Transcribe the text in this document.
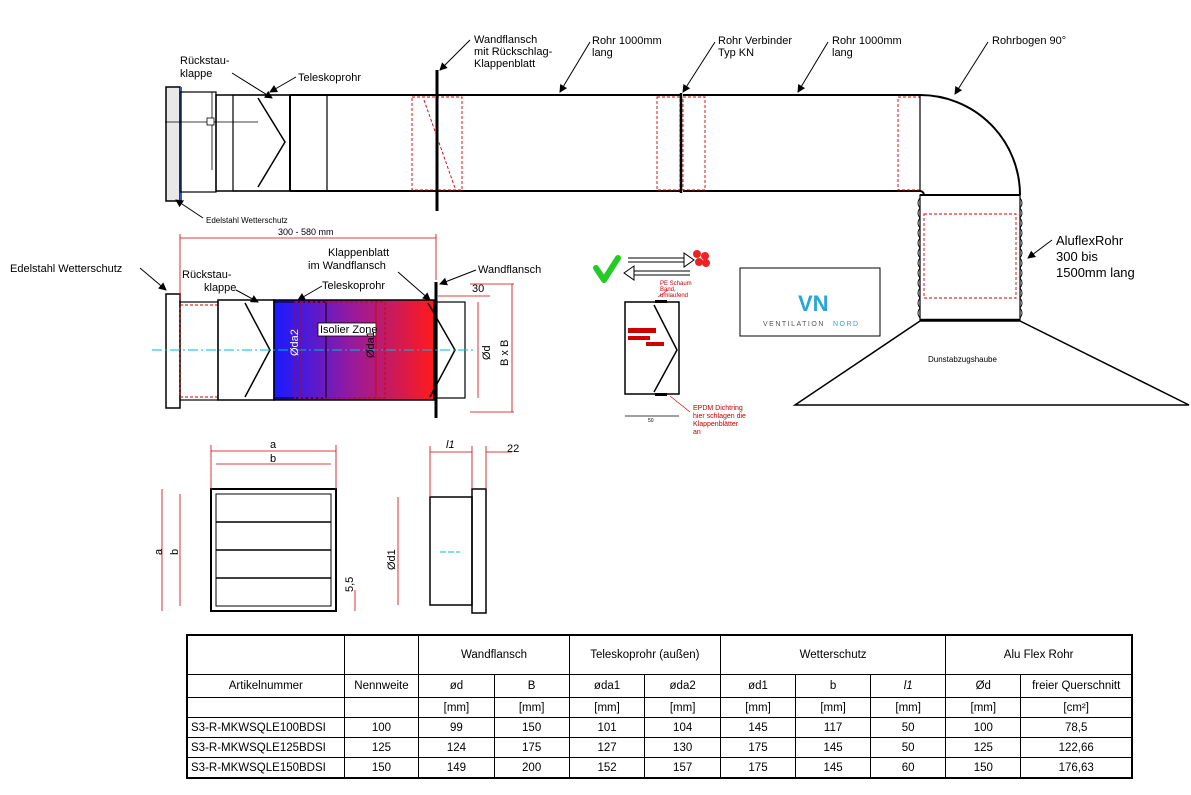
Rückstau-klappe	Teleskoprohr
Edelstahl Wetterschutz
Wandflansch mit Rückschlag-Klappenblatt
Rohr 1000mm lang
Rohr Verbinder Typ KN
Rohr 1000mm lang
Rohrbogen 90°
AluflexRohr 300 bis 1500mm lang
Dunstabzugshaube
300 - 580 mm
30
Ød B x B
Øda2	Øda1
Edelstahl Wetterschutz	Rückstau-klappe
Klappenblatt im Wandflansch
Teleskoprohr
Wandflansch
Isolier Zone
50
PE Schaum Band, umlaufend
EPDM Dichtring hier schlagen die Klappenblätter an
VN
VENTILATION NORD
a
b
a b
5,5
l1	22
Ød1
		Wandflansch		Teleskoprohr (außen)		Wetterschutz			Alu Flex Rohr	
Artikelnummer	Nennweite	ød	B	øda1	øda2	ød1	b	l1	Ød	freier Querschnitt
		[mm]	[mm]	[mm]	[mm]	[mm]	[mm]	[mm]	[mm]	[cm²]
S3-R-MKWSQLE100BDSI	100	99	150	101	104	145	117	50	100	78,5
S3-R-MKWSQLE125BDSI	125	124	175	127	130	175	145	50	125	122,66
S3-R-MKWSQLE150BDSI	150	149	200	152	157	175	145	60	150	176,63
